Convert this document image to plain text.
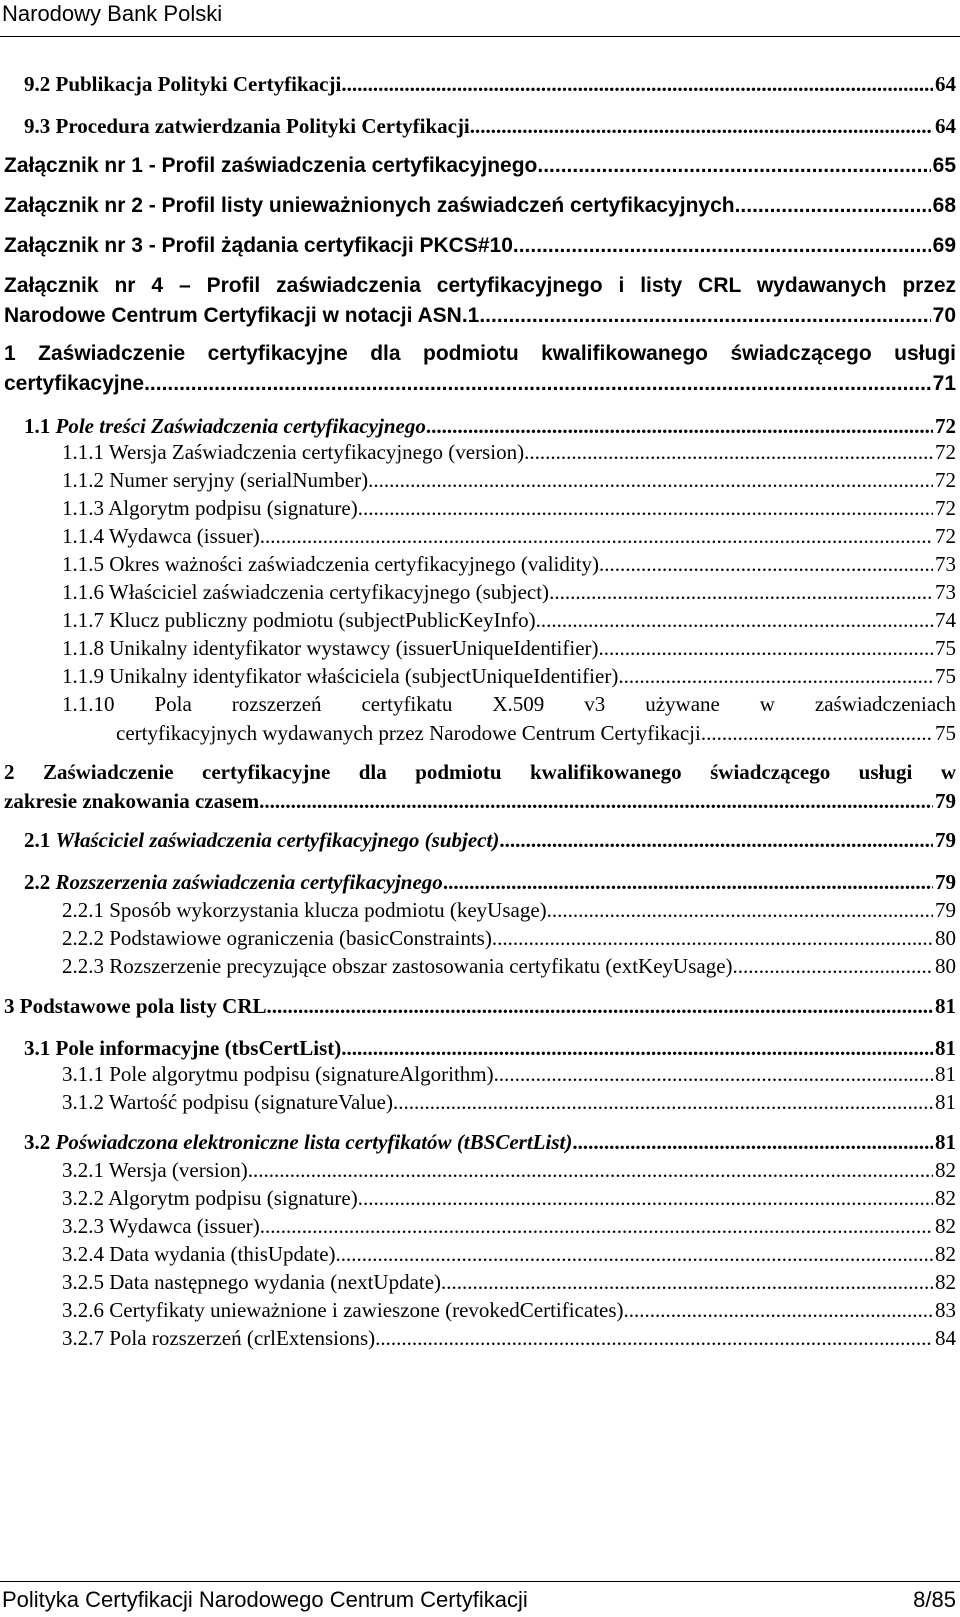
Narodowy Bank Polski
9.2 Publikacja Polityki Certyfikacji .....	64
9.3 Procedura zatwierdzania Polityki Certyfikacji .....	64
Załącznik nr 1 - Profil zaświadczenia certyfikacyjnego .....	65
Załącznik nr 2 - Profil listy unieważnionych zaświadczeń certyfikacyjnych .....	68
Załącznik nr 3 - Profil żądania certyfikacji PKCS#10 .....	69
Załącznik nr 4 – Profil zaświadczenia certyfikacyjnego i listy CRL wydawanych przez
Narodowe Centrum Certyfikacji w notacji ASN.1 .....	70
1 Zaświadczenie certyfikacyjne dla podmiotu kwalifikowanego świadczącego usługi
certyfikacyjne .....	71
1.1 Pole treści Zaświadczenia certyfikacyjnego .....	72
1.1.1 Wersja Zaświadczenia certyfikacyjnego (version) .....	72
1.1.2 Numer seryjny (serialNumber) .....	72
1.1.3 Algorytm podpisu (signature) .....	72
1.1.4 Wydawca (issuer) .....	72
1.1.5 Okres ważności zaświadczenia certyfikacyjnego (validity) .....	73
1.1.6 Właściciel zaświadczenia certyfikacyjnego (subject) .....	73
1.1.7 Klucz publiczny podmiotu (subjectPublicKeyInfo) .....	74
1.1.8 Unikalny identyfikator wystawcy (issuerUniqueIdentifier) .....	75
1.1.9 Unikalny identyfikator właściciela (subjectUniqueIdentifier) .....	75
1.1.10 Pola rozszerzeń certyfikatu X.509 v3 używane w zaświadczeniach
certyfikacyjnych wydawanych przez Narodowe Centrum Certyfikacji .....	75
2 Zaświadczenie certyfikacyjne dla podmiotu kwalifikowanego świadczącego usługi w
zakresie znakowania czasem .....	79
2.1 Właściciel zaświadczenia certyfikacyjnego (subject) .....	79
2.2 Rozszerzenia zaświadczenia certyfikacyjnego .....	79
2.2.1 Sposób wykorzystania klucza podmiotu (keyUsage) .....	79
2.2.2 Podstawiowe ograniczenia (basicConstraints) .....	80
2.2.3 Rozszerzenie precyzujące obszar zastosowania certyfikatu (extKeyUsage) .....	80
3 Podstawowe pola listy CRL .....	81
3.1 Pole informacyjne (tbsCertList) .....	81
3.1.1 Pole algorytmu podpisu (signatureAlgorithm) .....	81
3.1.2 Wartość podpisu (signatureValue) .....	81
3.2 Poświadczona elektroniczne lista certyfikatów (tBSCertList) .....	81
3.2.1 Wersja (version) .....	82
3.2.2 Algorytm podpisu (signature) .....	82
3.2.3 Wydawca (issuer) .....	82
3.2.4 Data wydania (thisUpdate) .....	82
3.2.5 Data następnego wydania (nextUpdate) .....	82
3.2.6 Certyfikaty unieważnione i zawieszone (revokedCertificates) .....	83
3.2.7 Pola rozszerzeń (crlExtensions) .....	84
Polityka Certyfikacji Narodowego Centrum Certyfikacji	8/85
